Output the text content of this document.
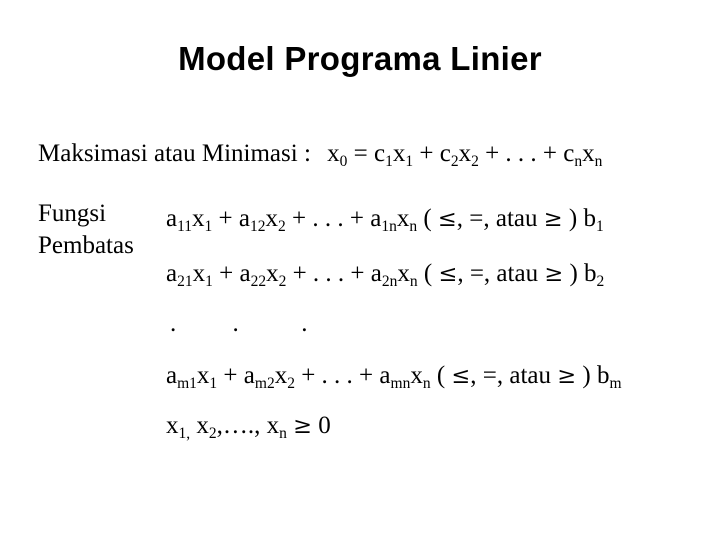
Model Programa Linier
Maksimasi atau Minimasi : $x_0 = c_1x_1 + c_2x_2$ + . . . + $c_nx_n$
Fungsi
Pembatas
$a_{11}x_1 + a_{12}x_2$ + . . . + $a_{1n}x_n$ ( ≤, =, atau ≥ ) $b_1$
$a_{21}x_1 + a_{22}x_2$ + . . . + $a_{2n}x_n$ ( ≤, =, atau ≥ ) $b_2$
.         .          .
$a_{m1}x_1 + a_{m2}x_2$ + . . . + $a_{mn}x_n$ ( ≤, =, atau ≥ ) $b_m$
$x_{1,}$ $x_2,\dots$., $x_n \ge 0$
